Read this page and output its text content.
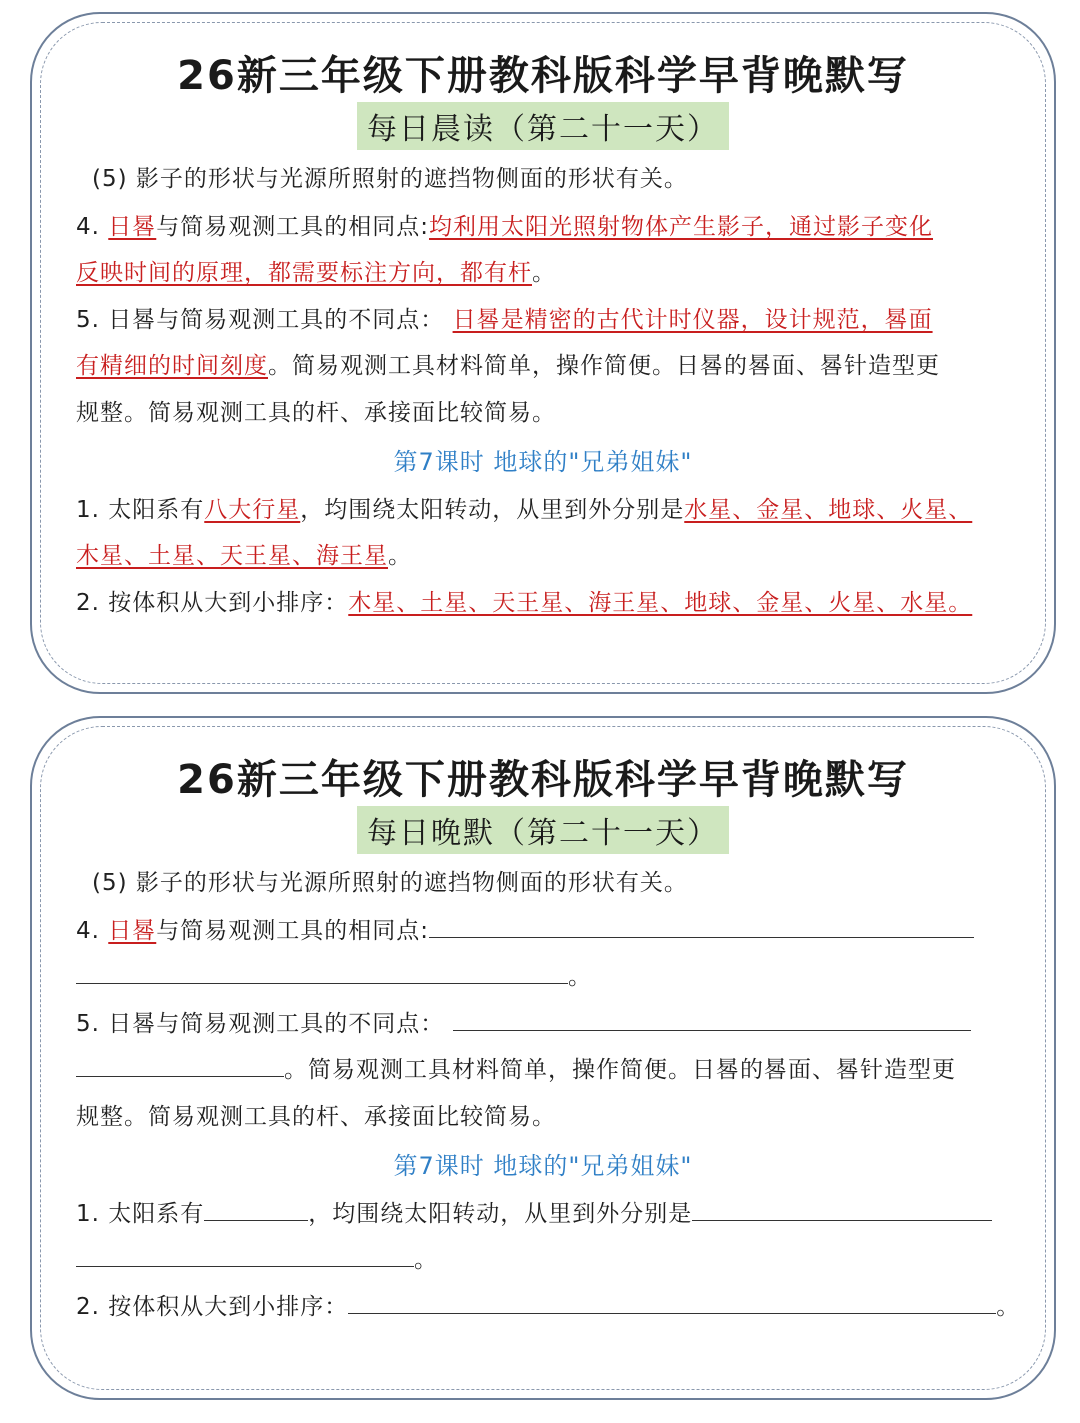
26新三年级下册教科版科学早背晚默写
每日晨读（第二十一天）
(5) 影子的形状与光源所照射的遮挡物侧面的形状有关。
4. 日晷与简易观测工具的相同点:均利用太阳光照射物体产生影子，通过影子变化
反映时间的原理，都需要标注方向，都有杆。
5. 日晷与简易观测工具的不同点： 日晷是精密的古代计时仪器，设计规范，晷面
有精细的时间刻度。简易观测工具材料简单，操作简便。日晷的晷面、晷针造型更
规整。简易观测工具的杆、承接面比较简易。
第7课时 地球的"兄弟姐妹"
1. 太阳系有八大行星，均围绕太阳转动，从里到外分别是水星、金星、地球、火星、
木星、土星、天王星、海王星。
2. 按体积从大到小排序：木星、土星、天王星、海王星、地球、金星、火星、水星。
26新三年级下册教科版科学早背晚默写
每日晚默（第二十一天）
(5) 影子的形状与光源所照射的遮挡物侧面的形状有关。
4. 日晷与简易观测工具的相同点:
。
5. 日晷与简易观测工具的不同点：
。简易观测工具材料简单，操作简便。日晷的晷面、晷针造型更
规整。简易观测工具的杆、承接面比较简易。
第7课时 地球的"兄弟姐妹"
1. 太阳系有	，均围绕太阳转动，从里到外分别是
。
2. 按体积从大到小排序：	。
